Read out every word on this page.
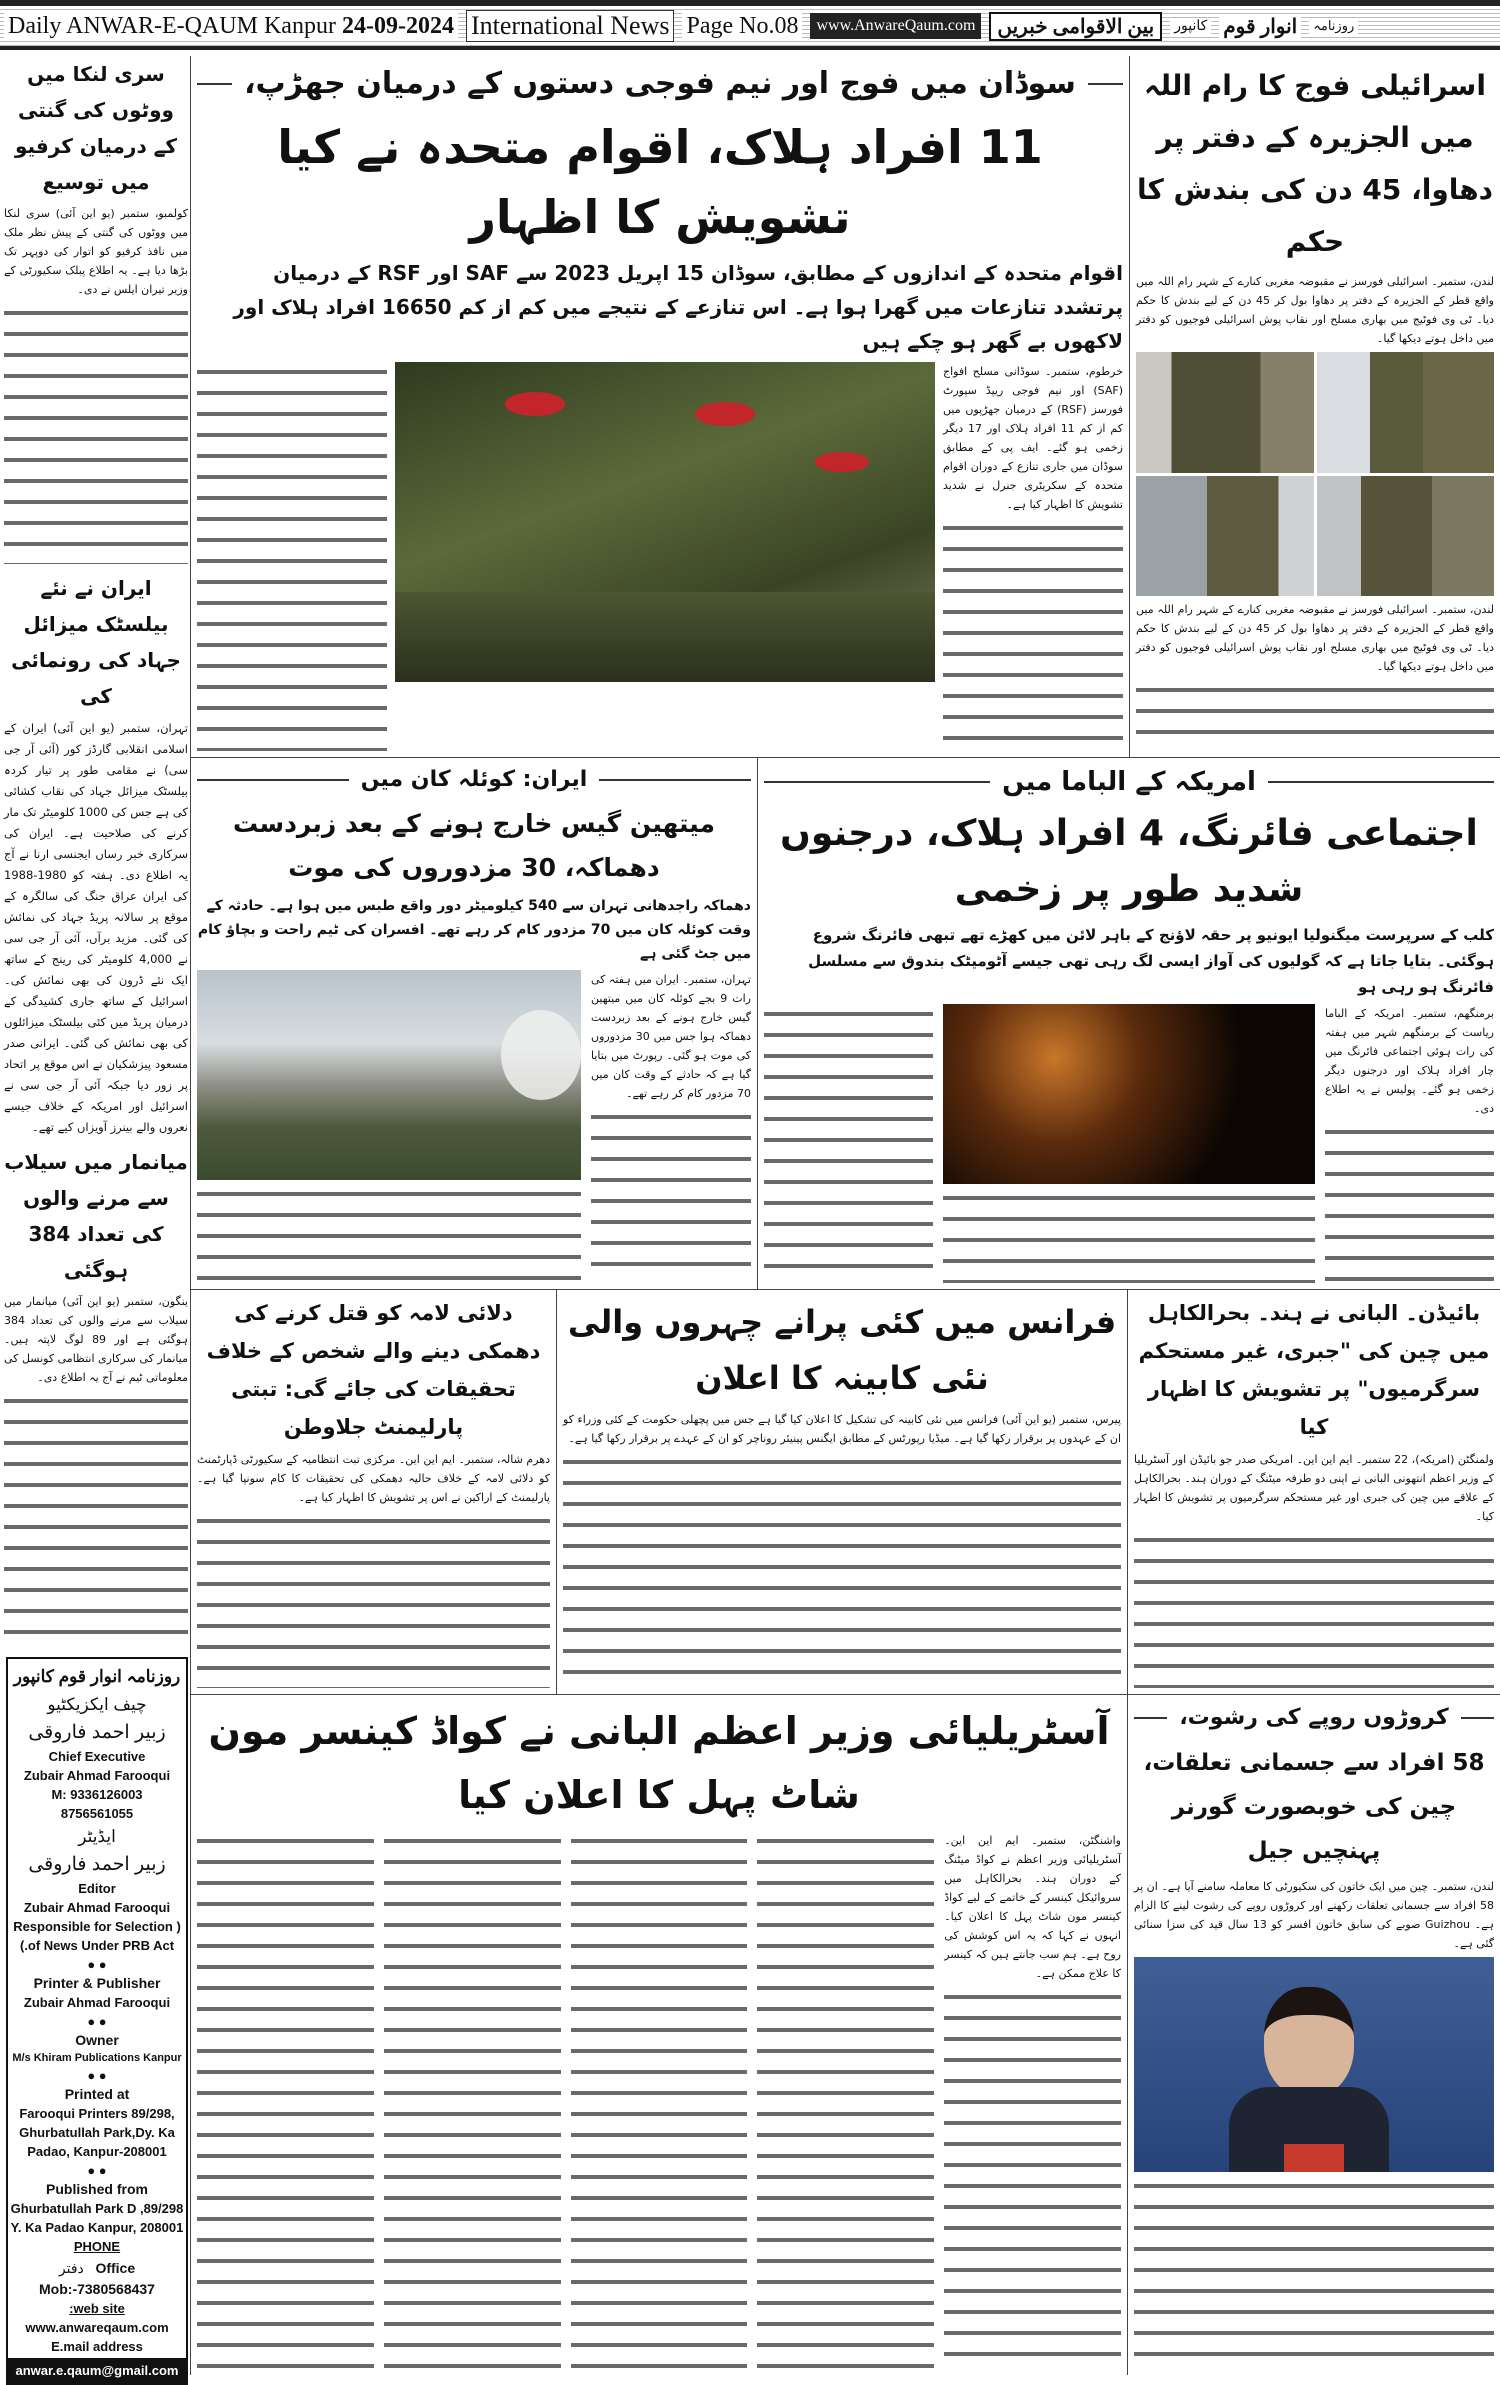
Daily ANWAR-E-QAUM Kanpur 24-09-2024 International News Page No.08	www.AnwareQaum.com	بین الاقوامی خبریں	کانپور انوار قوم	روزنامہ
سری لنکا میں ووٹوں کی گنتی کے درمیان کرفیو میں توسیع
کولمبو، ستمبر (یو این آئی) سری لنکا میں ووٹوں کی گنتی کے پیش نظر ملک میں نافذ کرفیو کو اتوار کی دوپہر تک بڑھا دیا ہے۔ یہ اطلاع پبلک سکیورٹی کے وزیر تیران ایلس نے دی۔
ایران نے نئے بیلسٹک میزائل جہاد کی رونمائی کی
تہران، ستمبر (یو این آئی) ایران کے اسلامی انقلابی گارڈز کور (آئی آر جی سی) نے مقامی طور پر تیار کردہ بیلسٹک میزائل جہاد کی نقاب کشائی کی ہے جس کی 1000 کلومیٹر تک مار کرنے کی صلاحیت ہے۔ ایران کی سرکاری خبر رساں ایجنسی ارنا نے آج یہ اطلاع دی۔ ہفتہ کو 1980-1988 کی ایران عراق جنگ کی سالگرہ کے موقع پر سالانہ پریڈ جہاد کی نمائش کی گئی۔ مزید برآں، آئی آر جی سی نے 4,000 کلومیٹر کی رینج کے ساتھ ایک نئے ڈرون کی بھی نمائش کی۔ اسرائیل کے ساتھ جاری کشیدگی کے درمیان پریڈ میں کئی بیلسٹک میزائلوں کی بھی نمائش کی گئی۔ ایرانی صدر مسعود پیزشکیان نے اس موقع پر اتحاد پر زور دیا جبکہ آئی آر جی سی نے اسرائیل اور امریکہ کے خلاف جیسے نعروں والے بینرز آویزاں کیے تھے۔
میانمار میں سیلاب سے مرنے والوں کی تعداد 384 ہوگئی
ینگون، ستمبر (یو این آئی) میانمار میں سیلاب سے مرنے والوں کی تعداد 384 ہوگئی ہے اور 89 لوگ لاپتہ ہیں۔ میانمار کی سرکاری انتظامی کونسل کی معلوماتی ٹیم نے آج یہ اطلاع دی۔
روزنامہ انوار قوم کانپور
چیف ایکزیکٹیو
زبیر احمد فاروقی
Chief Executive
Zubair Ahmad Farooqui
M: 9336126003
8756561055
ایڈیٹر
زبیر احمد فاروقی
Editor
Zubair Ahmad Farooqui
( Responsible for Selection of News Under PRB Act.)
● ●
Printer & Publisher
Zubair Ahmad Farooqui
● ●
Owner
M/s Khiram Publications Kanpur
● ●
Printed at
Farooqui Printers 89/298, Ghurbatullah Park,Dy. Ka Padao, Kanpur-208001
● ●
Published from
89/298, Ghurbatullah Park D Y. Ka Padao Kanpur, 208001
PHONE
Office   دفتر
Mob:-7380568437
web site:
www.anwareqaum.com
E.mail address
anwar.e.qaum@gmail.com
اسرائیلی فوج کا رام اللہ میں الجزیرہ کے دفتر پر دھاوا، 45 دن کی بندش کا حکم
لندن، ستمبر۔ اسرائیلی فورسز نے مقبوضہ مغربی کنارے کے شہر رام اللہ میں واقع قطر کے الجزیرہ کے دفتر پر دھاوا بول کر 45 دن کے لیے بندش کا حکم دیا۔ ٹی وی فوٹیج میں بھاری مسلح اور نقاب پوش اسرائیلی فوجیوں کو دفتر میں داخل ہوتے دیکھا گیا۔
لندن، ستمبر۔ اسرائیلی فورسز نے مقبوضہ مغربی کنارے کے شہر رام اللہ میں واقع قطر کے الجزیرہ کے دفتر پر دھاوا بول کر 45 دن کے لیے بندش کا حکم دیا۔ ٹی وی فوٹیج میں بھاری مسلح اور نقاب پوش اسرائیلی فوجیوں کو دفتر میں داخل ہوتے دیکھا گیا۔
سوڈان میں فوج اور نیم فوجی دستوں کے درمیان جھڑپ،
11 افراد ہلاک، اقوام متحدہ نے کیا تشویش کا اظہار
اقوام متحدہ کے اندازوں کے مطابق، سوڈان 15 اپریل 2023 سے SAF اور RSF کے درمیان پرتشدد تنازعات میں گھرا ہوا ہے۔ اس تنازعے کے نتیجے میں کم از کم 16650 افراد ہلاک اور لاکھوں بے گھر ہو چکے ہیں
خرطوم، ستمبر۔ سوڈانی مسلح افواج (SAF) اور نیم فوجی ریپڈ سپورٹ فورسز (RSF) کے درمیان جھڑپوں میں کم از کم 11 افراد ہلاک اور 17 دیگر زخمی ہو گئے۔ ایف پی کے مطابق سوڈان میں جاری تنازع کے دوران اقوام متحدہ کے سکریٹری جنرل نے شدید تشویش کا اظہار کیا ہے۔
امریکہ کے الباما میں
اجتماعی فائرنگ، 4 افراد ہلاک، درجنوں شدید طور پر زخمی
کلب کے سرپرست میگنولیا ایونیو پر حقہ لاؤنج کے باہر لائن میں کھڑے تھے تبھی فائرنگ شروع ہوگئی۔ بتایا جاتا ہے کہ گولیوں کی آواز ایسی لگ رہی تھی جیسے آٹومیٹک بندوق سے مسلسل فائرنگ ہو رہی ہو
برمنگھم، ستمبر۔ امریکہ کے الباما ریاست کے برمنگھم شہر میں ہفتہ کی رات ہوئی اجتماعی فائرنگ میں چار افراد ہلاک اور درجنوں دیگر زخمی ہو گئے۔ پولیس نے یہ اطلاع دی۔
ایران: کوئلہ کان میں
میتھین گیس خارج ہونے کے بعد زبردست دھماکہ، 30 مزدوروں کی موت
دھماکہ راجدھانی تہران سے 540 کیلومیٹر دور واقع طبس میں ہوا ہے۔ حادثہ کے وقت کوئلہ کان میں 70 مزدور کام کر رہے تھے۔ افسران کی ٹیم راحت و بچاؤ کام میں جٹ گئی ہے
تہران، ستمبر۔ ایران میں ہفتہ کی رات 9 بجے کوئلہ کان میں میتھین گیس خارج ہونے کے بعد زبردست دھماکہ ہوا جس میں 30 مزدوروں کی موت ہو گئی۔ رپورٹ میں بتایا گیا ہے کہ حادثے کے وقت کان میں 70 مزدور کام کر رہے تھے۔
بائیڈن۔ البانی نے ہند۔ بحرالکاہل میں چین کی "جبری، غیر مستحکم سرگرمیوں" پر تشویش کا اظہار کیا
ولمنگٹن (امریکہ)، 22 ستمبر۔ ایم این این۔ امریکی صدر جو بائیڈن اور آسٹریلیا کے وزیر اعظم انتھونی البانی نے اپنی دو طرفہ میٹنگ کے دوران ہند۔ بحرالکاہل کے علاقے میں چین کی جبری اور غیر مستحکم سرگرمیوں پر تشویش کا اظہار کیا۔
فرانس میں کئی پرانے چہروں والی نئی کابینہ کا اعلان
پیرس، ستمبر (یو این آئی) فرانس میں نئی کابینہ کی تشکیل کا اعلان کیا گیا ہے جس میں پچھلی حکومت کے کئی وزراء کو ان کے عہدوں پر برقرار رکھا گیا ہے۔ میڈیا رپورٹس کے مطابق ایگنس پینیئر روناچر کو ان کے عہدے پر برقرار رکھا گیا ہے۔
دلائی لامہ کو قتل کرنے کی دھمکی دینے والے شخص کے خلاف تحقیقات کی جائے گی: تبتی پارلیمنٹ جلاوطن
دھرم شالہ، ستمبر۔ ایم این این۔ مرکزی تبت انتظامیہ کے سکیورٹی ڈپارٹمنٹ کو دلائی لامہ کے خلاف حالیہ دھمکی کی تحقیقات کا کام سونپا گیا ہے۔ پارلیمنٹ کے اراکین نے اس پر تشویش کا اظہار کیا ہے۔
کروڑوں روپے کی رشوت،
58 افراد سے جسمانی تعلقات، چین کی خوبصورت گورنر پہنچیں جیل
لندن، ستمبر۔ چین میں ایک خاتون کی سکیورٹی کا معاملہ سامنے آیا ہے۔ ان پر 58 افراد سے جسمانی تعلقات رکھنے اور کروڑوں روپے کی رشوت لینے کا الزام ہے۔ Guizhou صوبے کی سابق خاتون افسر کو 13 سال قید کی سزا سنائی گئی ہے۔
آسٹریلیائی وزیر اعظم البانی نے کواڈ کینسر مون شاٹ پہل کا اعلان کیا
واشنگٹن، ستمبر۔ ایم این این۔ آسٹریلیائی وزیر اعظم نے کواڈ میٹنگ کے دوران ہند۔ بحرالکاہل میں سروائیکل کینسر کے خاتمے کے لیے کواڈ کینسر مون شاٹ پہل کا اعلان کیا۔ انہوں نے کہا کہ یہ اس کوشش کی روح ہے۔ ہم سب جانتے ہیں کہ کینسر کا علاج ممکن ہے۔
